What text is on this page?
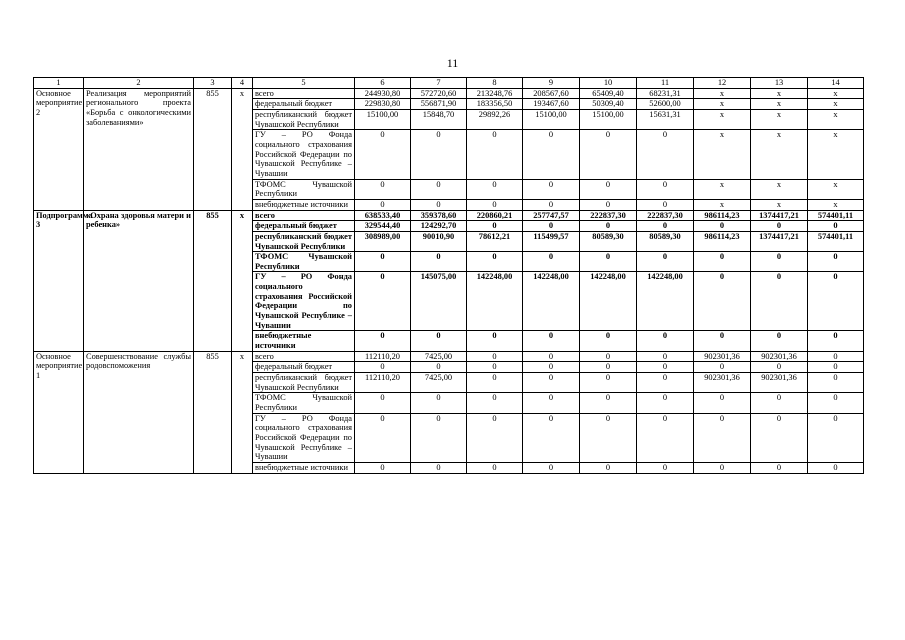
11
1	2	3	4	5	6	7	8	9	10	11	12	13	14
Основное мероприятие 2	Реализация мероприятий регионального проекта «Борьба с онкологическими заболеваниями»	855	x	всего	244930,80	572720,60	213248,76	208567,60	65409,40	68231,31	x	x	x
				федеральный бюджет	229830,80	556871,90	183356,50	193467,60	50309,40	52600,00	x	x	x
				республиканский бюджет Чувашской Республики	15100,00	15848,70	29892,26	15100,00	15100,00	15631,31	x	x	x
				ГУ – РО Фонда социального страхования Российской Федерации по Чувашской Республике – Чувашии	0	0	0	0	0	0	x	x	x
				ТФОМС Чувашской Республики	0	0	0	0	0	0	x	x	x
				внебюджетные источники	0	0	0	0	0	0	x	x	x
Подпрограмма 3	«Охрана здоровья матери и ребенка»	855	x	всего	638533,40	359378,60	220860,21	257747,57	222837,30	222837,30	986114,23	1374417,21	574401,11
				федеральный бюджет	329544,40	124292,70	0	0	0	0	0	0	0
				республиканский бюджет Чувашской Республики	308989,00	90010,90	78612,21	115499,57	80589,30	80589,30	986114,23	1374417,21	574401,11
				ТФОМС Чувашской Республики	0	0	0	0	0	0	0	0	0
				ГУ – РО Фонда социального страхования Российской Федерации по Чувашской Республике – Чувашии	0	145075,00	142248,00	142248,00	142248,00	142248,00	0	0	0
				внебюджетные источники	0	0	0	0	0	0	0	0	0
Основное мероприятие 1	Совершенствование службы родовспоможения	855	x	всего	112110,20	7425,00	0	0	0	0	902301,36	902301,36	0
				федеральный бюджет	0	0	0	0	0	0	0	0	0
				республиканский бюджет Чувашской Республики	112110,20	7425,00	0	0	0	0	902301,36	902301,36	0
				ТФОМС Чувашской Республики	0	0	0	0	0	0	0	0	0
				ГУ – РО Фонда социального страхования Российской Федерации по Чувашской Республике – Чувашии	0	0	0	0	0	0	0	0	0
				внебюджетные источники	0	0	0	0	0	0	0	0	0
